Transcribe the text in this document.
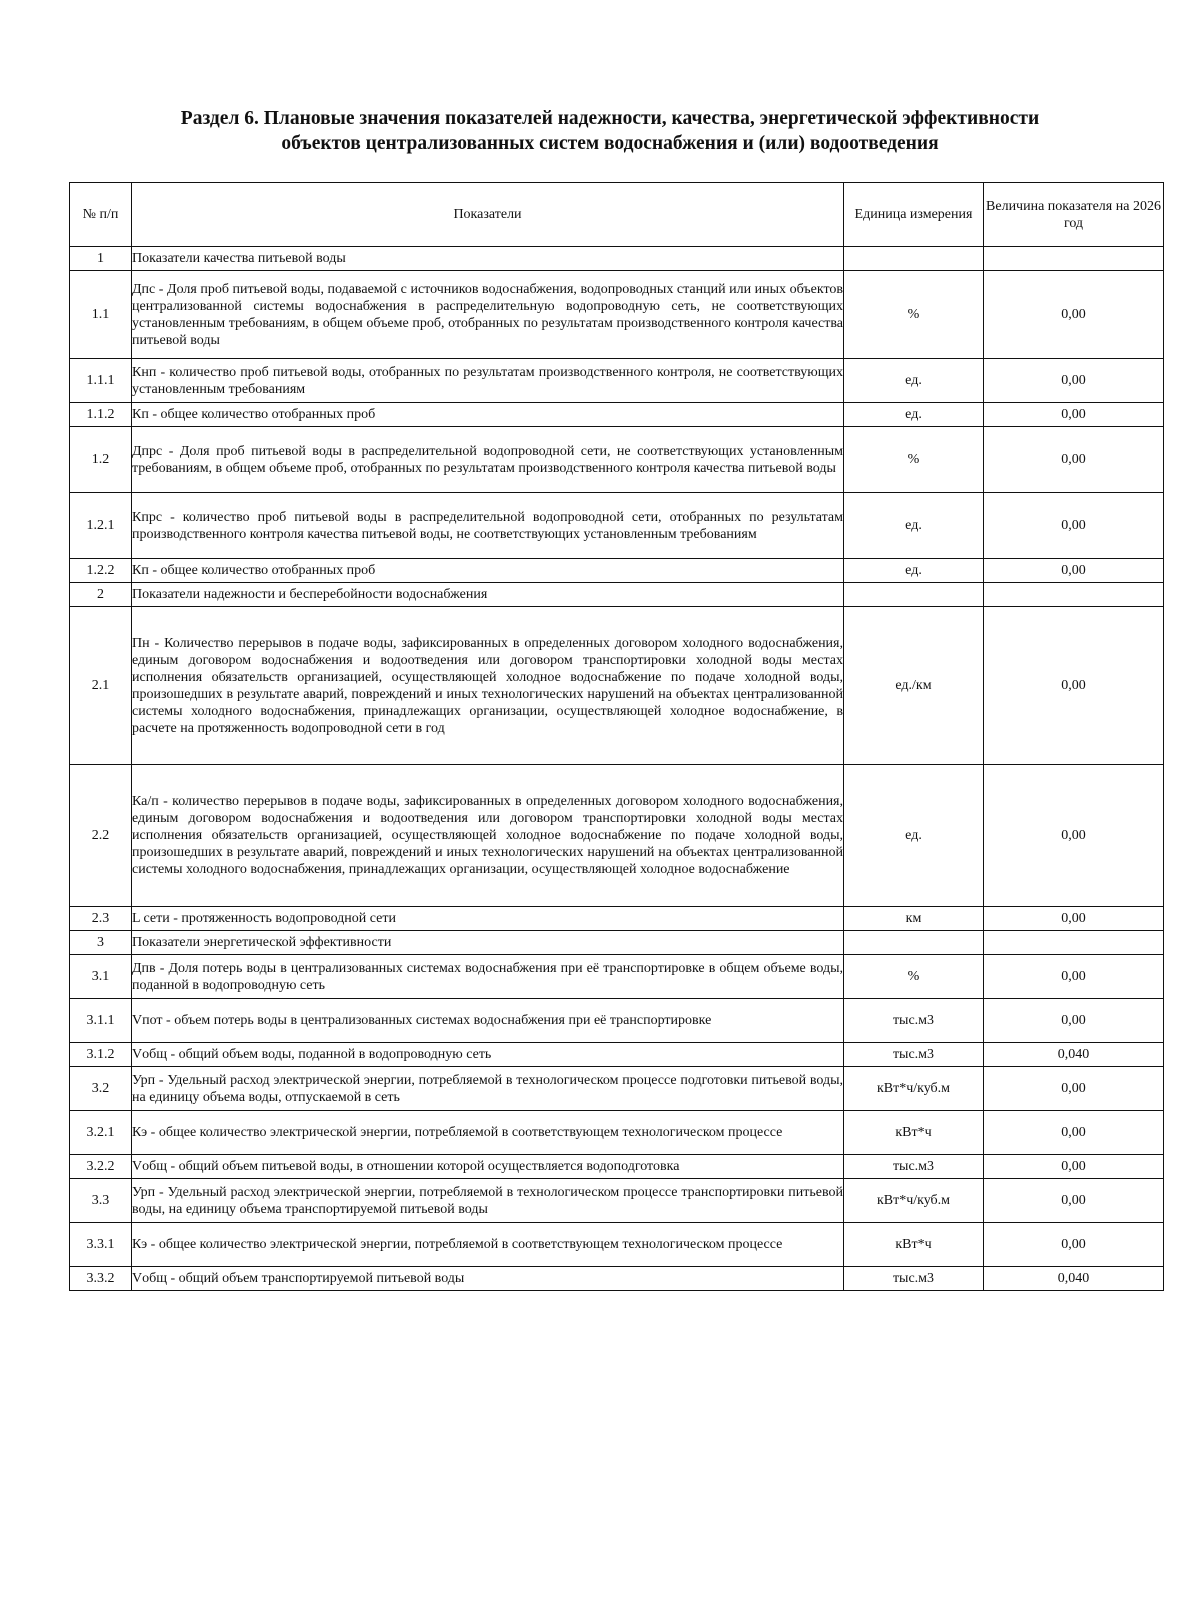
Раздел 6. Плановые значения показателей надежности, качества, энергетической эффективности
объектов централизованных систем водоснабжения и (или) водоотведения
№ п/п	Показатели	Единица измерения	Величина показателя на 2026 год
1	Показатели качества питьевой воды		
1.1	Дпс - Доля проб питьевой воды, подаваемой с источников водоснабжения, водопроводных станций или иных объектов централизованной системы водоснабжения в распределительную водопроводную сеть, не соответствующих установленным требованиям, в общем объеме проб, отобранных по результатам производственного контроля качества питьевой воды	%	0,00
1.1.1	Кнп - количество проб питьевой воды, отобранных по результатам производственного контроля, не соответствующих установленным требованиям	ед.	0,00
1.1.2	Кп - общее количество отобранных проб	ед.	0,00
1.2	Дпрс - Доля проб питьевой воды в распределительной водопроводной сети, не соответствующих установленным требованиям, в общем объеме проб, отобранных по результатам производственного контроля качества питьевой воды	%	0,00
1.2.1	Кпрс - количество проб питьевой воды в распределительной водопроводной сети, отобранных по результатам производственного контроля качества питьевой воды, не соответствующих установленным требованиям	ед.	0,00
1.2.2	Кп - общее количество отобранных проб	ед.	0,00
2	Показатели надежности и бесперебойности водоснабжения		
2.1	Пн - Количество перерывов в подаче воды, зафиксированных в определенных договором холодного водоснабжения, единым договором водоснабжения и водоотведения или договором транспортировки холодной воды местах исполнения обязательств организацией, осуществляющей холодное водоснабжение по подаче холодной воды, произошедших в результате аварий, повреждений и иных технологических нарушений на объектах централизованной системы холодного водоснабжения, принадлежащих организации, осуществляющей холодное водоснабжение, в расчете на протяженность водопроводной сети в год	ед./км	0,00
2.2	Ка/п - количество перерывов в подаче воды, зафиксированных в определенных договором холодного водоснабжения, единым договором водоснабжения и водоотведения или договором транспортировки холодной воды местах исполнения обязательств организацией, осуществляющей холодное водоснабжение по подаче холодной воды, произошедших в результате аварий, повреждений и иных технологических нарушений на объектах централизованной системы холодного водоснабжения, принадлежащих организации, осуществляющей холодное водоснабжение	ед.	0,00
2.3	L сети - протяженность водопроводной сети	км	0,00
3	Показатели энергетической эффективности		
3.1	Дпв - Доля потерь воды в централизованных системах водоснабжения при её транспортировке в общем объеме воды, поданной в водопроводную сеть	%	0,00
3.1.1	Vпот - объем потерь воды в централизованных системах водоснабжения при её транспортировке	тыс.м3	0,00
3.1.2	Vобщ - общий объем воды, поданной в водопроводную сеть	тыс.м3	0,040
3.2	Урп - Удельный расход электрической энергии, потребляемой в технологическом процессе подготовки питьевой воды, на единицу объема воды, отпускаемой в сеть	кВт*ч/куб.м	0,00
3.2.1	Кэ - общее количество электрической энергии, потребляемой в соответствующем технологическом процессе	кВт*ч	0,00
3.2.2	Vобщ - общий объем питьевой воды, в отношении которой осуществляется водоподготовка	тыс.м3	0,00
3.3	Урп - Удельный расход электрической энергии, потребляемой в технологическом процессе транспортировки питьевой воды, на единицу объема транспортируемой питьевой воды	кВт*ч/куб.м	0,00
3.3.1	Кэ - общее количество электрической энергии, потребляемой в соответствующем технологическом процессе	кВт*ч	0,00
3.3.2	Vобщ - общий объем транспортируемой питьевой воды	тыс.м3	0,040
